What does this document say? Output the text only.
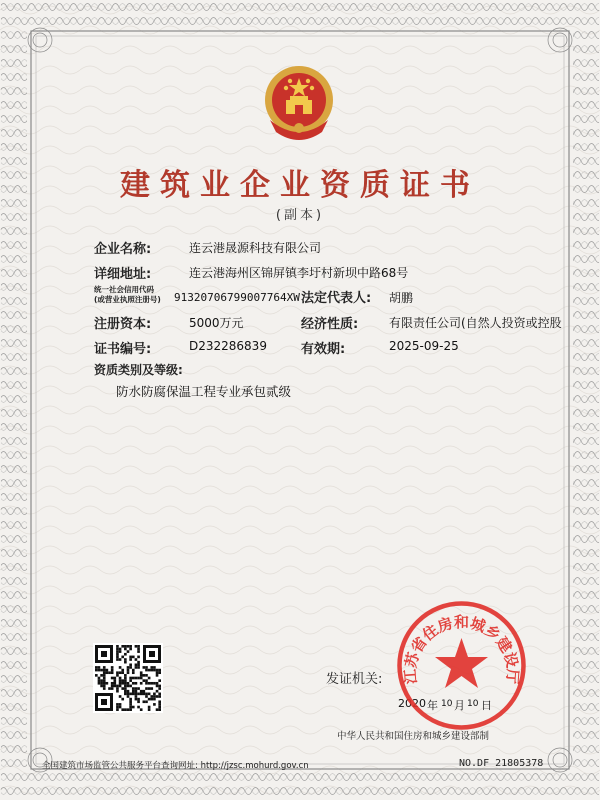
建筑业企业资质证书
(副本)
企业名称:	连云港晟源科技有限公司
详细地址:	连云港海州区锦屏镇李圩村新坝中路68号
统一社会信用代码
(或营业执照注册号) 91320706799007764XW 法定代表人: 胡鹏
注册资本:	5000万元	经济性质:	有限责任公司(自然人投资或控股
证书编号:	D232286839	有效期:	2025-09-25
资质类别及等级:
防水防腐保温工程专业承包贰级
发证机关:
2020 年 10 月 10 日
中华人民共和国住房和城乡建设部制
全国建筑市场监管公共服务平台查询网址: http://jzsc.mohurd.gov.cn	NO.DF 21805378
江苏省住房和城乡建设厅
